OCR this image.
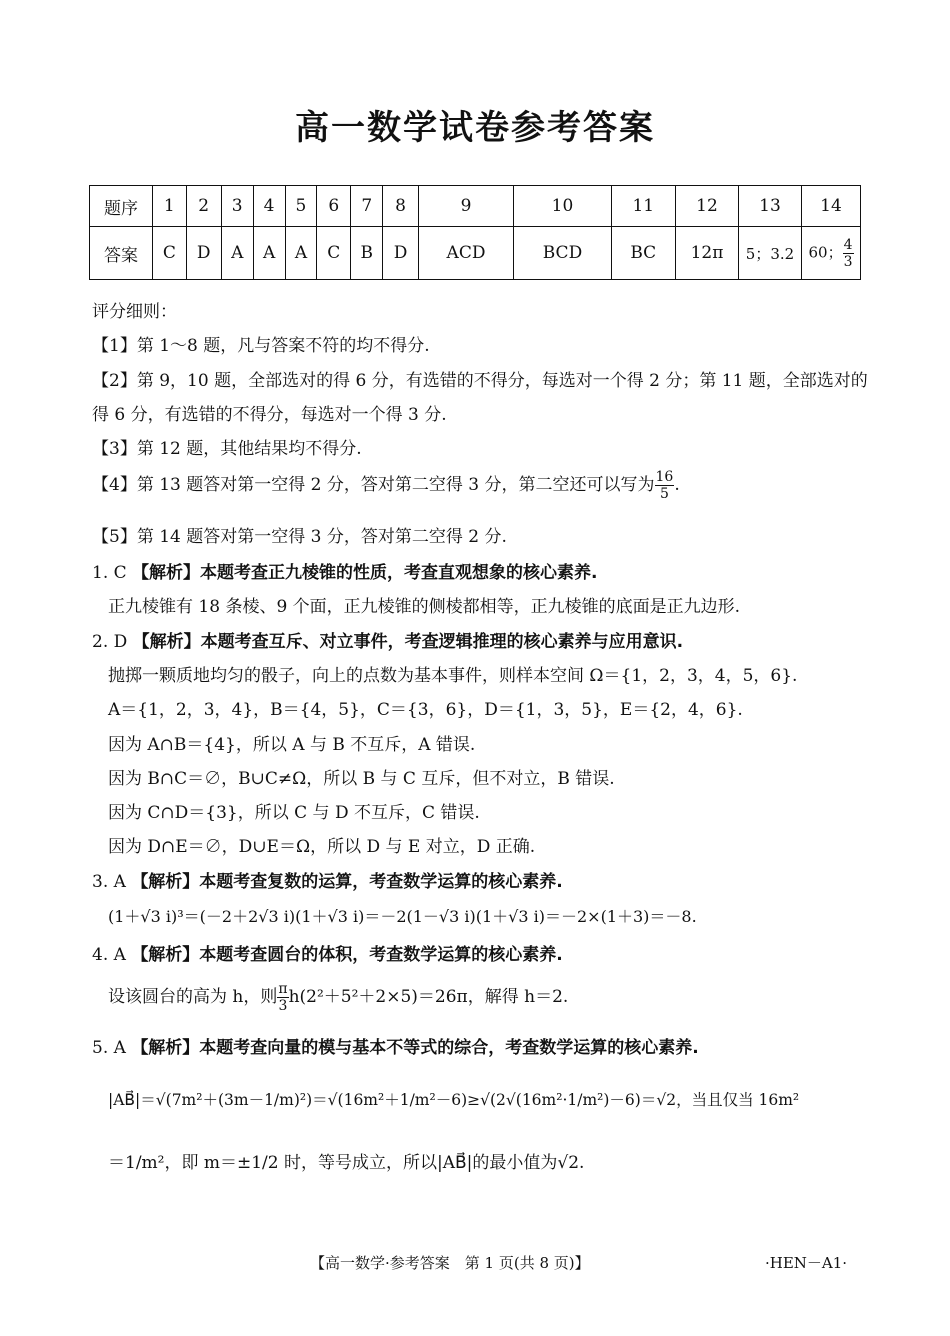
高一数学试卷参考答案
题序	1	2	3	4	5	6	7	8	9	10	11	12	13	14
答案	C	D	A	A	A	C	B	D	ACD	BCD	BC	12π	5；3.2	60； $\frac{4}{3}$
评分细则：
【1】第 1～8 题，凡与答案不符的均不得分.
【2】第 9，10 题，全部选对的得 6 分，有选错的不得分，每选对一个得 2 分；第 11 题，全部选对的
得 6 分，有选错的不得分，每选对一个得 3 分.
【3】第 12 题，其他结果均不得分.
【4】第 13 题答对第一空得 2 分，答对第二空得 3 分，第二空还可以写为 $\frac{16}{5}$ .
【5】第 14 题答对第一空得 3 分，答对第二空得 2 分.
1. C 【解析】本题考查正九棱锥的性质，考查直观想象的核心素养.
正九棱锥有 18 条棱、9 个面，正九棱锥的侧棱都相等，正九棱锥的底面是正九边形.
2. D 【解析】本题考查互斥、对立事件，考查逻辑推理的核心素养与应用意识.
抛掷一颗质地均匀的骰子，向上的点数为基本事件，则样本空间 Ω＝{1，2，3，4，5，6}.
A＝{1，2，3，4}，B＝{4，5}，C＝{3，6}，D＝{1，3，5}，E＝{2，4，6}.
因为 A∩B＝{4}，所以 A 与 B 不互斥，A 错误.
因为 B∩C＝∅，B∪C≠Ω，所以 B 与 C 互斥，但不对立，B 错误.
因为 C∩D＝{3}，所以 C 与 D 不互斥，C 错误.
因为 D∩E＝∅，D∪E＝Ω，所以 D 与 E 对立，D 正确.
3. A 【解析】本题考查复数的运算，考查数学运算的核心素养.
(1＋√3 i)³＝(－2＋2√3 i)(1＋√3 i)＝－2(1－√3 i)(1＋√3 i)＝－2×(1＋3)＝－8.
4. A 【解析】本题考查圆台的体积，考查数学运算的核心素养.
设该圆台的高为 h，则 $\frac{\pi}{3} h(2^2+5^2+2\times 5)=26\pi$，解得 h＝2.
5. A 【解析】本题考查向量的模与基本不等式的综合，考查数学运算的核心素养.
|AB⃗|＝√(7m²＋(3m－1/m)²)＝√(16m²＋1/m²－6)≥√(2√(16m²·1/m²)－6)＝√2，当且仅当 16m²
＝1/m²，即 m＝±1/2 时，等号成立，所以|AB⃗|的最小值为√2.
【高一数学·参考答案　第 1 页(共 8 页)】	·HEN－A1·
